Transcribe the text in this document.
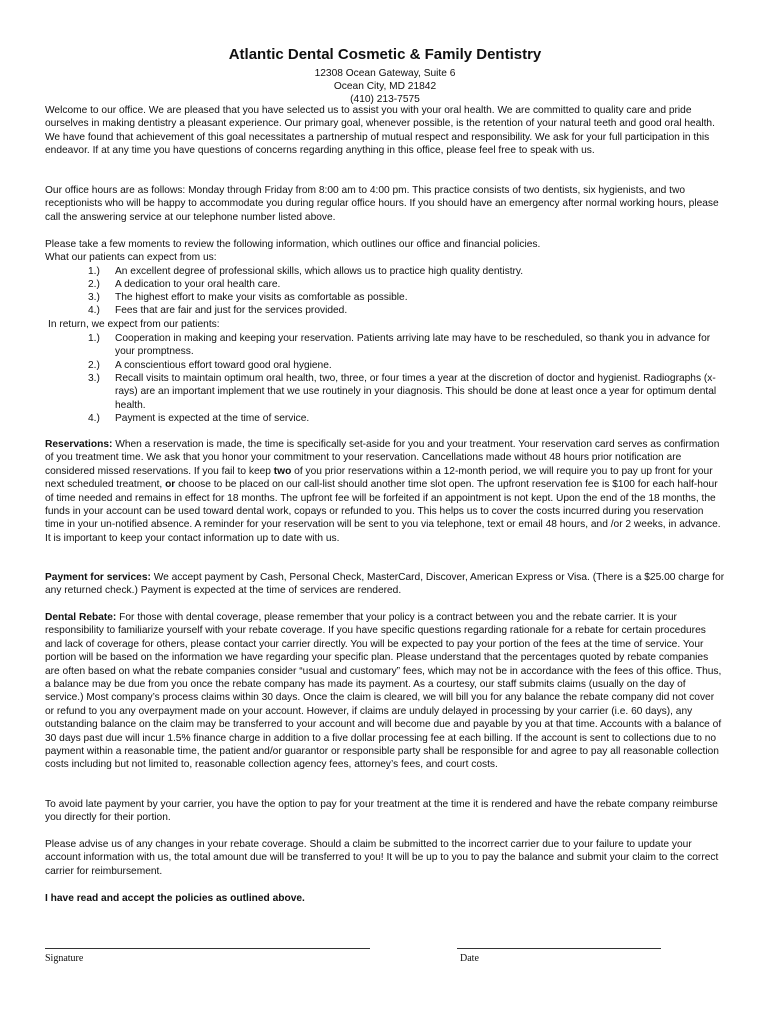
Atlantic Dental Cosmetic & Family Dentistry
12308 Ocean Gateway, Suite 6
Ocean City, MD 21842
(410) 213-7575
Welcome to our office. We are pleased that you have selected us to assist you with your oral health. We are committed to quality care and pride ourselves in making dentistry a pleasant experience. Our primary goal, whenever possible, is the retention of your natural teeth and good oral health. We have found that achievement of this goal necessitates a partnership of mutual respect and responsibility. We ask for your full participation in this endeavor. If at any time you have questions of concerns regarding anything in this office, please feel free to speak with us.
Our office hours are as follows: Monday through Friday from 8:00 am to 4:00 pm. This practice consists of two dentists, six hygienists, and two receptionists who will be happy to accommodate you during regular office hours. If you should have an emergency after normal working hours, please call the answering service at our telephone number listed above.
Please take a few moments to review the following information, which outlines our office and financial policies.
What our patients can expect from us:
1.) An excellent degree of professional skills, which allows us to practice high quality dentistry.
2.) A dedication to your oral health care.
3.) The highest effort to make your visits as comfortable as possible.
4.) Fees that are fair and just for the services provided.
In return, we expect from our patients:
1.) Cooperation in making and keeping your reservation. Patients arriving late may have to be rescheduled, so thank you in advance for your promptness.
2.) A conscientious effort toward good oral hygiene.
3.) Recall visits to maintain optimum oral health, two, three, or four times a year at the discretion of doctor and hygienist. Radiographs (x-rays) are an important implement that we use routinely in your diagnosis. This should be done at least once a year for optimum dental health.
4.) Payment is expected at the time of service.
Reservations: When a reservation is made, the time is specifically set-aside for you and your treatment. Your reservation card serves as confirmation of you treatment time. We ask that you honor your commitment to your reservation. Cancellations made without 48 hours prior notification are considered missed reservations. If you fail to keep two of you prior reservations within a 12-month period, we will require you to pay up front for your next scheduled treatment, or choose to be placed on our call-list should another time slot open. The upfront reservation fee is $100 for each half-hour of time needed and remains in effect for 18 months. The upfront fee will be forfeited if an appointment is not kept. Upon the end of the 18 months, the funds in your account can be used toward dental work, copays or refunded to you. This helps us to cover the costs incurred during you reservation time in your un-notified absence. A reminder for your reservation will be sent to you via telephone, text or email 48 hours, and /or 2 weeks, in advance. It is important to keep your contact information up to date with us.
Payment for services: We accept payment by Cash, Personal Check, MasterCard, Discover, American Express or Visa. (There is a $25.00 charge for any returned check.) Payment is expected at the time of services are rendered.
Dental Rebate: For those with dental coverage, please remember that your policy is a contract between you and the rebate carrier. It is your responsibility to familiarize yourself with your rebate coverage. If you have specific questions regarding rationale for a rebate for certain procedures and lack of coverage for others, please contact your carrier directly. You will be expected to pay your portion of the fees at the time of service. Your portion will be based on the information we have regarding your specific plan. Please understand that the percentages quoted by rebate companies are often based on what the rebate companies consider “usual and customary” fees, which may not be in accordance with the fees of this office. Thus, a balance may be due from you once the rebate company has made its payment. As a courtesy, our staff submits claims (usually on the day of service.) Most company’s process claims within 30 days. Once the claim is cleared, we will bill you for any balance the rebate company did not cover or refund to you any overpayment made on your account. However, if claims are unduly delayed in processing by your carrier (i.e. 60 days), any outstanding balance on the claim may be transferred to your account and will become due and payable by you at that time. Accounts with a balance of 30 days past due will incur 1.5% finance charge in addition to a five dollar processing fee at each billing. If the account is sent to collections due to no payment within a reasonable time, the patient and/or guarantor or responsible party shall be responsible for and agree to pay all reasonable collection costs including but not limited to, reasonable collection agency fees, attorney’s fees, and court costs.
To avoid late payment by your carrier, you have the option to pay for your treatment at the time it is rendered and have the rebate company reimburse you directly for their portion.
Please advise us of any changes in your rebate coverage. Should a claim be submitted to the incorrect carrier due to your failure to update your account information with us, the total amount due will be transferred to you! It will be up to you to pay the balance and submit your claim to the correct carrier for reimbursement.
I have read and accept the policies as outlined above.
Signature	Date
